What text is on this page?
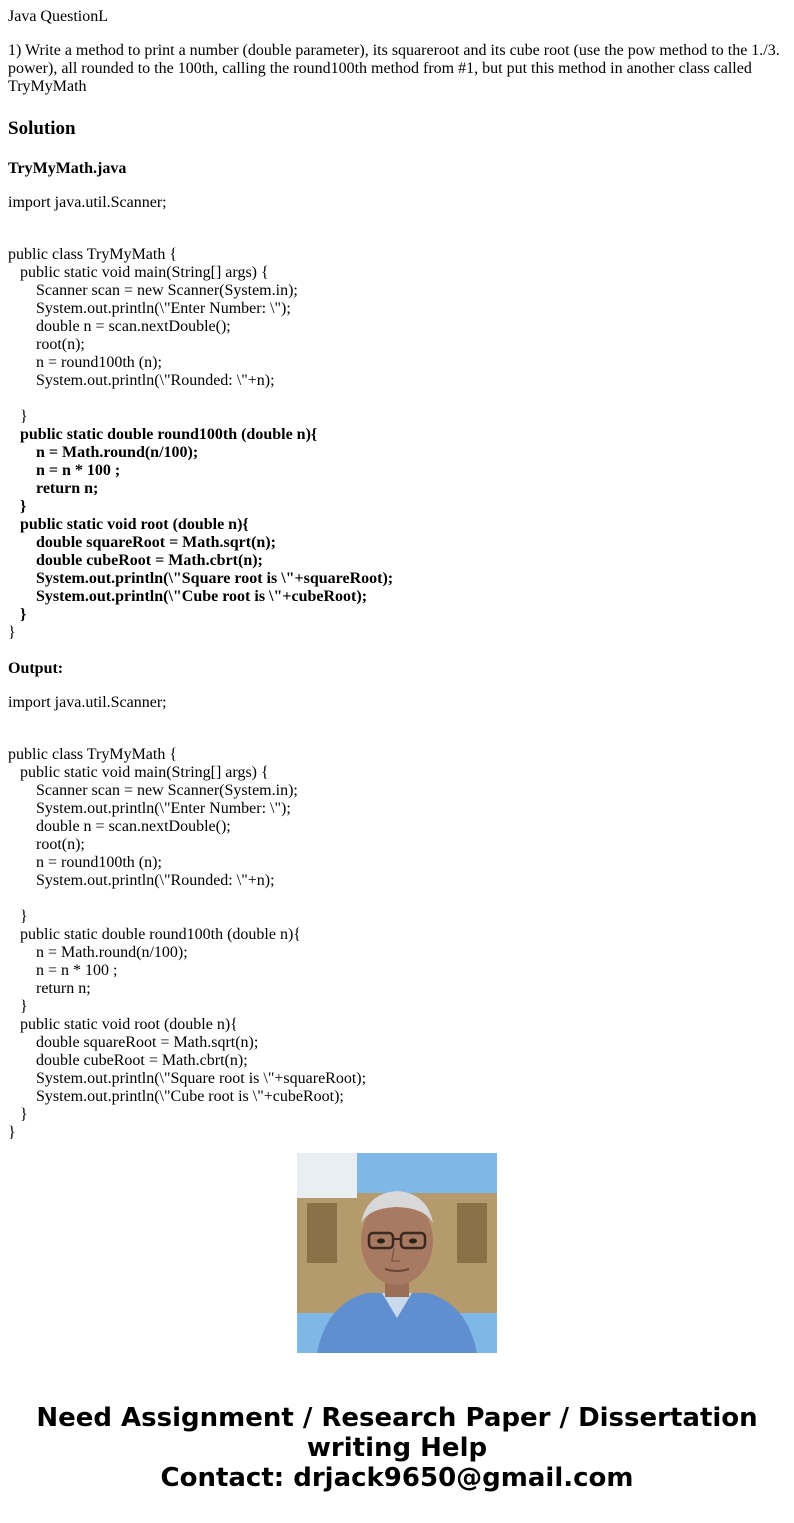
Java QuestionL
1) Write a method to print a number (double parameter), its squareroot and its cube root (use the pow method to the 1./3. power), all rounded to the 100th, calling the round100th method from #1, but put this method in another class called TryMyMath
Solution
TryMyMath.java
import java.util.Scanner;
public class TryMyMath {
public static void main(String[] args) {
Scanner scan = new Scanner(System.in);
System.out.println(\"Enter Number: \");
double n = scan.nextDouble();
root(n);
n = round100th (n);
System.out.println(\"Rounded: \"+n);
}
public static double round100th (double n){
n = Math.round(n/100);
n = n * 100 ;
return n;
}
public static void root (double n){
double squareRoot = Math.sqrt(n);
double cubeRoot = Math.cbrt(n);
System.out.println(\"Square root is \"+squareRoot);
System.out.println(\"Cube root is \"+cubeRoot);
}
}
Output:
import java.util.Scanner;
public class TryMyMath {
public static void main(String[] args) {
Scanner scan = new Scanner(System.in);
System.out.println(\"Enter Number: \");
double n = scan.nextDouble();
root(n);
n = round100th (n);
System.out.println(\"Rounded: \"+n);
}
public static double round100th (double n){
n = Math.round(n/100);
n = n * 100 ;
return n;
}
public static void root (double n){
double squareRoot = Math.sqrt(n);
double cubeRoot = Math.cbrt(n);
System.out.println(\"Square root is \"+squareRoot);
System.out.println(\"Cube root is \"+cubeRoot);
}
}
Need Assignment / Research Paper / Dissertation
writing Help
Contact: drjack9650@gmail.com
